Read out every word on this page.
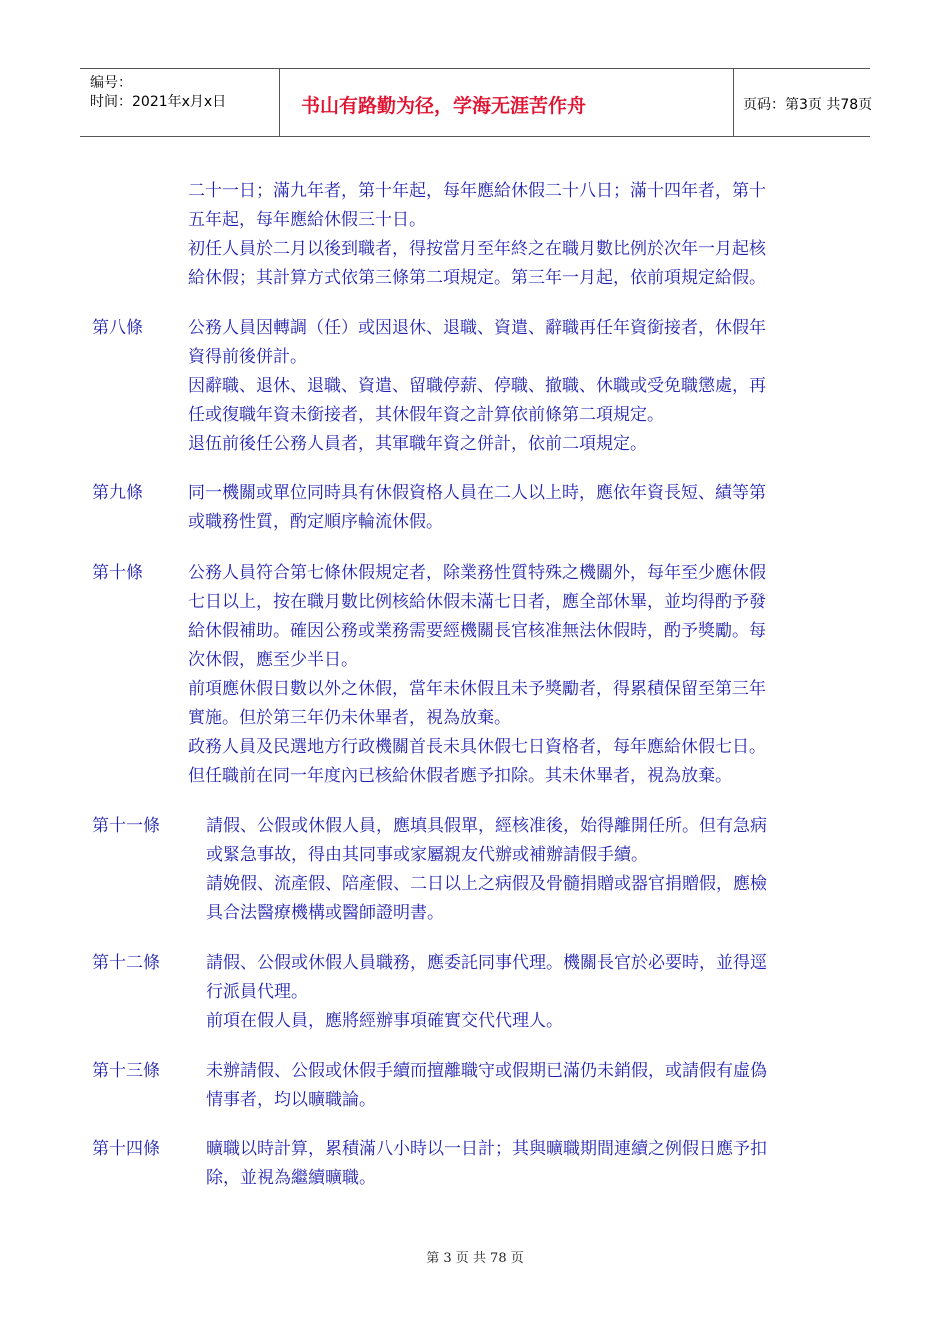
编号：
时间：2021年x月x日	书山有路勤为径，学海无涯苦作舟	页码：第3页 共78页
二十一日；滿九年者，第十年起，每年應給休假二十八日；滿十四年者，第十
五年起，每年應給休假三十日。
初任人員於二月以後到職者，得按當月至年終之在職月數比例於次年一月起核
給休假；其計算方式依第三條第二項規定。第三年一月起，依前項規定給假。
第八條	公務人員因轉調（任）或因退休、退職、資遣、辭職再任年資銜接者，休假年
資得前後併計。
因辭職、退休、退職、資遣、留職停薪、停職、撤職、休職或受免職懲處，再
任或復職年資未銜接者，其休假年資之計算依前條第二項規定。
退伍前後任公務人員者，其軍職年資之併計，依前二項規定。
第九條	同一機關或單位同時具有休假資格人員在二人以上時，應依年資長短、績等第
或職務性質，酌定順序輪流休假。
第十條	公務人員符合第七條休假規定者，除業務性質特殊之機關外，每年至少應休假
七日以上，按在職月數比例核給休假未滿七日者，應全部休畢，並均得酌予發
給休假補助。確因公務或業務需要經機關長官核准無法休假時，酌予獎勵。每
次休假，應至少半日。
前項應休假日數以外之休假，當年未休假且未予獎勵者，得累積保留至第三年
實施。但於第三年仍未休畢者，視為放棄。
政務人員及民選地方行政機關首長未具休假七日資格者，每年應給休假七日。
但任職前在同一年度內已核給休假者應予扣除。其未休畢者，視為放棄。
第十一條	請假、公假或休假人員，應填具假單，經核准後，始得離開任所。但有急病
或緊急事故，得由其同事或家屬親友代辦或補辦請假手續。
請娩假、流產假、陪產假、二日以上之病假及骨髓捐贈或器官捐贈假，應檢
具合法醫療機構或醫師證明書。
第十二條	請假、公假或休假人員職務，應委託同事代理。機關長官於必要時，並得逕
行派員代理。
前項在假人員，應將經辦事項確實交代代理人。
第十三條	未辦請假、公假或休假手續而擅離職守或假期已滿仍未銷假，或請假有虛偽
情事者，均以曠職論。
第十四條	曠職以時計算，累積滿八小時以一日計；其與曠職期間連續之例假日應予扣
除，並視為繼續曠職。
第 3 页 共 78 页
